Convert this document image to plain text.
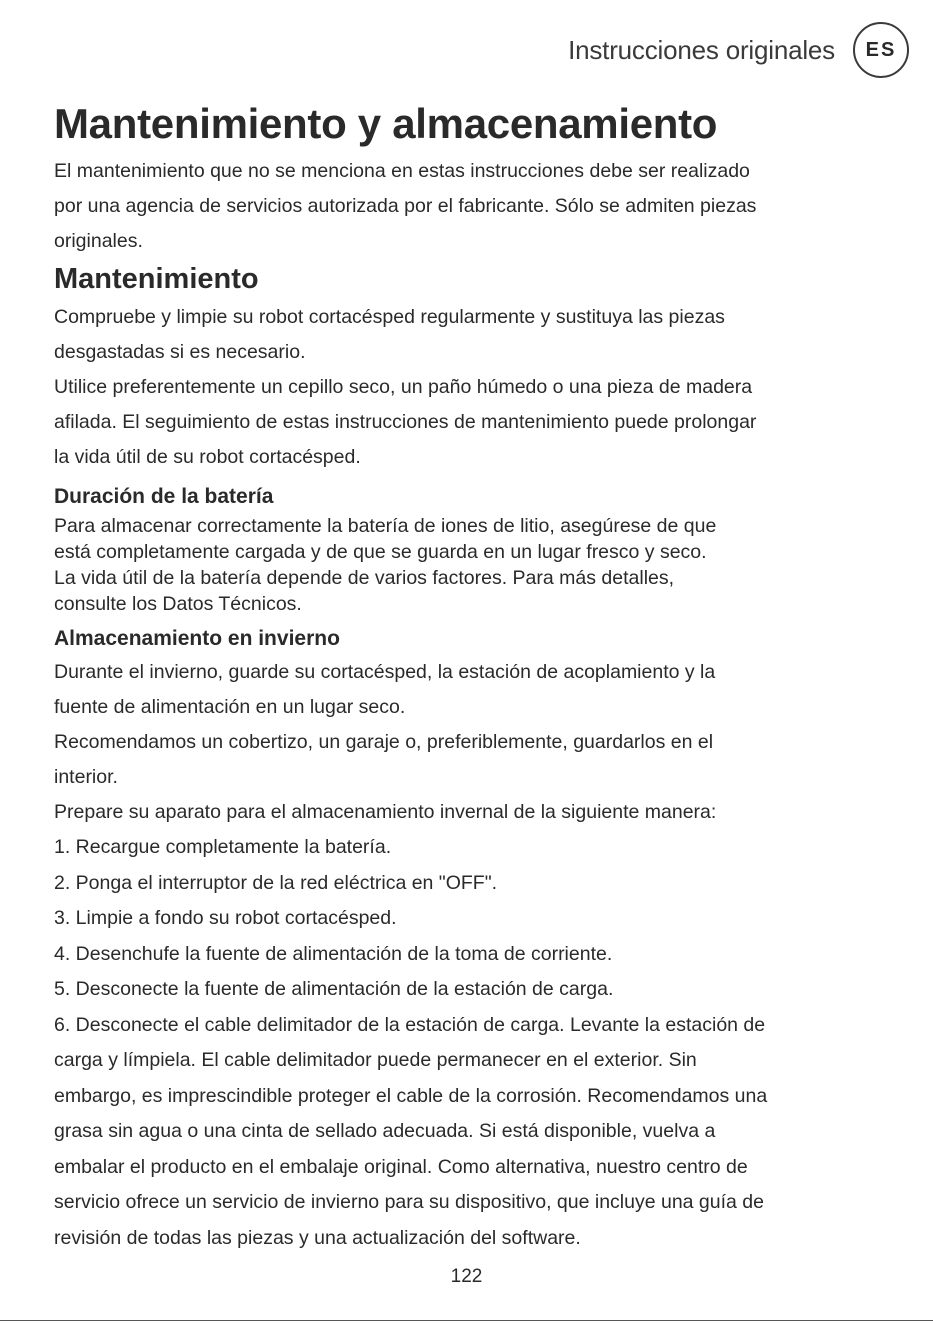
Instrucciones originales	ES
Mantenimiento y almacenamiento

El mantenimiento que no se menciona en estas instrucciones debe ser realizado

por una agencia de servicios autorizada por el fabricante. Sólo se admiten piezas

originales.

Mantenimiento

Compruebe y limpie su robot cortacésped regularmente y sustituya las piezas

desgastadas si es necesario.

Utilice preferentemente un cepillo seco, un paño húmedo o una pieza de madera

afilada. El seguimiento de estas instrucciones de mantenimiento puede prolongar

la vida útil de su robot cortacésped.

Duración de la batería

Para almacenar correctamente la batería de iones de litio, asegúrese de que

está completamente cargada y de que se guarda en un lugar fresco y seco.

La vida útil de la batería depende de varios factores. Para más detalles,

consulte los Datos Técnicos.

Almacenamiento en invierno

Durante el invierno, guarde su cortacésped, la estación de acoplamiento y la

fuente de alimentación en un lugar seco.

Recomendamos un cobertizo, un garaje o, preferiblemente, guardarlos en el

interior.

Prepare su aparato para el almacenamiento invernal de la siguiente manera:

1. Recargue completamente la batería.
2. Ponga el interruptor de la red eléctrica en "OFF".
3. Limpie a fondo su robot cortacésped.
4. Desenchufe la fuente de alimentación de la toma de corriente.
5. Desconecte la fuente de alimentación de la estación de carga.
6. Desconecte el cable delimitador de la estación de carga. Levante la estación de
carga y límpiela. El cable delimitador puede permanecer en el exterior. Sin
embargo, es imprescindible proteger el cable de la corrosión. Recomendamos una
grasa sin agua o una cinta de sellado adecuada. Si está disponible, vuelva a
embalar el producto en el embalaje original. Como alternativa, nuestro centro de
servicio ofrece un servicio de invierno para su dispositivo, que incluye una guía de
revisión de todas las piezas y una actualización del software.
122
